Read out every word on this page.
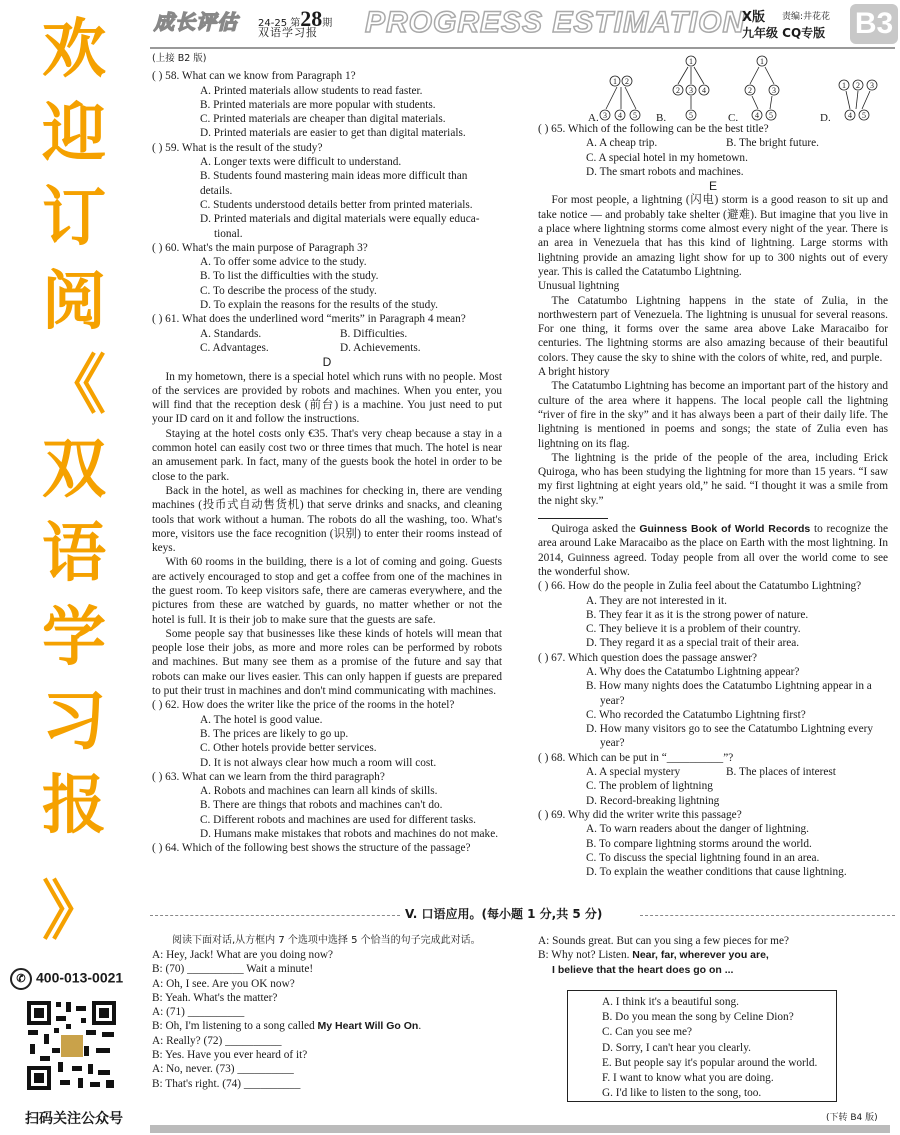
欢
迎
订
阅
《
双
语
学
习
报
》
✆ 400-013-0021
扫码关注公众号
成长评估 24-25 第28期
双语学习报 PROGRESS ESTIMATION
X版 责编:井花花
九年级 CQ专版 B3

(上接 B2 版)

( ) 58. What can we know from Paragraph 1?

A. Printed materials allow students to read faster.

B. Printed materials are more popular with students.

C. Printed materials are cheaper than digital materials.

D. Printed materials are easier to get than digital materials.

( ) 59. What is the result of the study?

A. Longer texts were difficult to understand.

B. Students found mastering main ideas more difficult than details.

C. Students understood details better from printed materials.

D. Printed materials and digital materials were equally educa-

tional.

( ) 60. What's the main purpose of Paragraph 3?

A. To offer some advice to the study.

B. To list the difficulties with the study.

C. To describe the process of the study.

D. To explain the reasons for the results of the study.

( ) 61. What does the underlined word “merits” in Paragraph 4 mean?

A. Standards.	B. Difficulties.
C. Advantages.	D. Achievements.

D

In my hometown, there is a special hotel which runs with no people. Most of the services are provided by robots and machines. When you enter, you will find that the reception desk (前台) is a machine. You just need to put your ID card on it and follow the instructions.

Staying at the hotel costs only €35. That's very cheap because a stay in a common hotel can easily cost two or three times that much. The hotel is near an amusement park. In fact, many of the guests book the hotel in order to be close to the park.

Back in the hotel, as well as machines for checking in, there are vending machines (投币式自动售货机) that serve drinks and snacks, and cleaning tools that work without a human. The robots do all the washing, too. What's more, visitors use the face recognition (识别) to enter their rooms instead of keys.

With 60 rooms in the building, there is a lot of coming and going. Guests are actively encouraged to stop and get a coffee from one of the machines in the guest room. To keep visitors safe, there are cameras everywhere, and the pictures from these are watched by guards, no matter whether or not the hotel is full. It is their job to make sure that the guests are safe.

Some people say that businesses like these kinds of hotels will mean that people lose their jobs, as more and more roles can be performed by robots and machines. But many see them as a promise of the future and say that robots can make our lives easier. This can only happen if guests are prepared to put their trust in machines and don't mind communicating with machines.

( ) 62. How does the writer like the price of the rooms in the hotel?

A. The hotel is good value.

B. The prices are likely to go up.

C. Other hotels provide better services.

D. It is not always clear how much a room will cost.

( ) 63. What can we learn from the third paragraph?

A. Robots and machines can learn all kinds of skills.

B. There are things that robots and machines can't do.

C. Different robots and machines are used for different tasks.

D. Humans make mistakes that robots and machines do not make.

( ) 64. Which of the following best shows the structure of the passage?

1 2
3 4 5
1
2 3 4
5
1
2	3
4 5
1 2 3
4 5
A.	B.	C.	D.

( ) 65. Which of the following can be the best title?

A. A cheap trip.	B. The bright future.

C. A special hotel in my hometown.

D. The smart robots and machines.

E

For most people, a lightning (闪电) storm is a good reason to sit up and take notice — and probably take shelter (避难). But imagine that you live in a place where lightning storms come almost every night of the year. There is an area in Venezuela that has this kind of lightning. Large storms with lightning provide an amazing light show for up to 300 nights out of every year. This is called the Catatumbo Lightning.

Unusual lightning

The Catatumbo Lightning happens in the state of Zulia, in the northwestern part of Venezuela. The lightning is unusual for several reasons. For one thing, it forms over the same area above Lake Maracaibo for centuries. The lightning storms are also amazing because of their beautiful colors. They cause the sky to shine with the colors of white, red, and purple.

A bright history

The Catatumbo Lightning has become an important part of the history and culture of the area where it happens. The local people call the lightning “river of fire in the sky” and it has always been a part of their daily life. The lightning is mentioned in poems and songs; the state of Zulia even has lightning on its flag.

The lightning is the pride of the people of the area, including Erick Quiroga, who has been studying the lightning for more than 15 years. “I saw my first lightning at eight years old,” he said. “I thought it was a smile from the night sky.”

Quiroga asked the Guinness Book of World Records to recognize the area around Lake Maracaibo as the place on Earth with the most lightning. In 2014, Guinness agreed. Today people from all over the world come to see the wonderful show.

( ) 66. How do the people in Zulia feel about the Catatumbo Lightning?

A. They are not interested in it.

B. They fear it as it is the strong power of nature.

C. They believe it is a problem of their country.

D. They regard it as a special trait of their area.

( ) 67. Which question does the passage answer?

A. Why does the Catatumbo Lightning appear?

B. How many nights does the Catatumbo Lightning appear in a

year?

C. Who recorded the Catatumbo Lightning first?

D. How many visitors go to see the Catatumbo Lightning every

year?

( ) 68. Which can be put in “__________”?

A. A special mystery	B. The places of interest

C. The problem of lightning

D. Record-breaking lightning

( ) 69. Why did the writer write this passage?

A. To warn readers about the danger of lightning.

B. To compare lightning storms around the world.

C. To discuss the special lightning found in an area.

D. To explain the weather conditions that cause lightning.

V. 口语应用。(每小题 1 分,共 5 分)

阅读下面对话,从方框内 7 个选项中选择 5 个恰当的句子完成此对话。

A: Hey, Jack! What are you doing now?

B: (70) __________ Wait a minute!

A: Oh, I see. Are you OK now?

B: Yeah. What's the matter?

A: (71) __________

B: Oh, I'm listening to a song called My Heart Will Go On.

A: Really? (72) __________

B: Yes. Have you ever heard of it?

A: No, never. (73) __________

B: That's right. (74) __________

A: Sounds great. But can you sing a few pieces for me?

B: Why not? Listen. Near, far, wherever you are,

I believe that the heart does go on ...

A. I think it's a beautiful song.

B. Do you mean the song by Celine Dion?

C. Can you see me?

D. Sorry, I can't hear you clearly.

E. But people say it's popular around the world.

F. I want to know what you are doing.

G. I'd like to listen to the song, too.

(下转 B4 版)
